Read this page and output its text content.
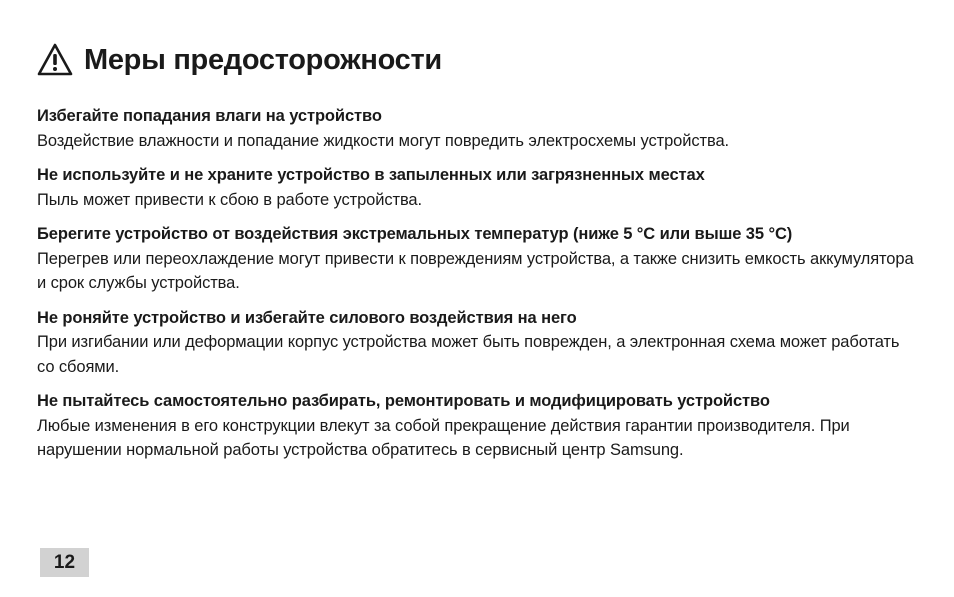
Меры предосторожности
Избегайте попадания влаги на устройство
Воздействие влажности и попадание жидкости могут повредить электросхемы устройства.
Не используйте и не храните устройство в запыленных или загрязненных местах
Пыль может привести к сбою в работе устройства.
Берегите устройство от воздействия экстремальных температур (ниже 5 °C или выше 35 °C)
Перегрев или переохлаждение могут привести к повреждениям устройства, а также снизить емкость аккумулятора и срок службы устройства.
Не роняйте устройство и избегайте силового воздействия на него
При изгибании или деформации корпус устройства может быть поврежден, а электронная схема может работать со сбоями.
Не пытайтесь самостоятельно разбирать, ремонтировать и модифицировать устройство
Любые изменения в его конструкции влекут за собой прекращение действия гарантии производителя. При нарушении нормальной работы устройства обратитесь в сервисный центр Samsung.
12
